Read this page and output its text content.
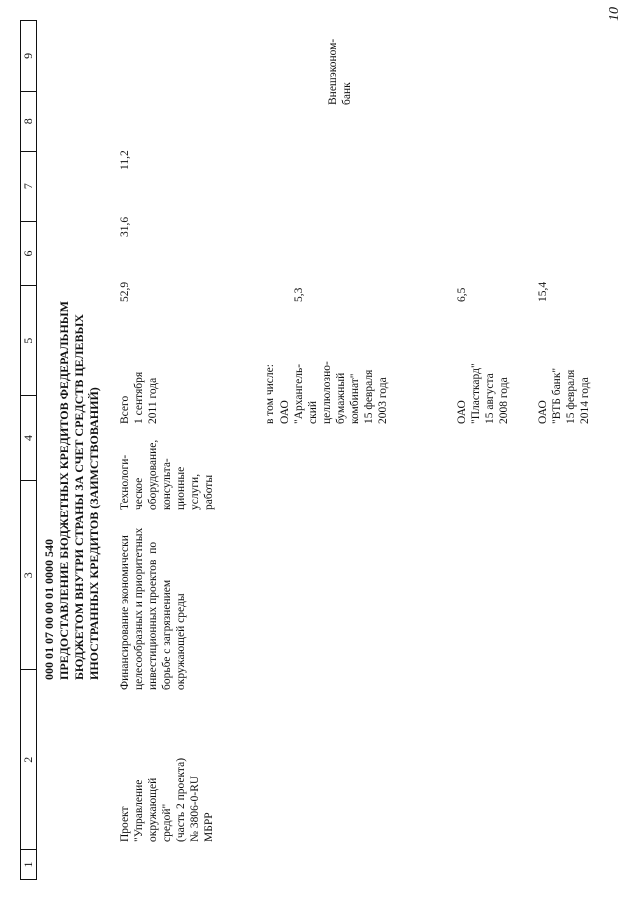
10
1
2
3
4
5
6
7
8
9
000 01 07 00 00 01 0000 540 ПРЕДОСТАВЛЕНИЕ БЮДЖЕТНЫХ КРЕДИТОВ ФЕДЕРАЛЬНЫМ БЮДЖЕТОМ ВНУТРИ СТРАНЫ ЗА СЧЕТ СРЕДСТВ ЦЕЛЕВЫХ ИНОСТРАННЫХ КРЕДИТОВ (ЗАИМСТВОВАНИЙ)
Проект "Управление окружающей средой" (часть 2 проекта) № 3806-0-RU МБРР
Финансирование экономически целесообразных и приоритетных инвестиционных проектов  по борьбе с загрязнением окружающей среды
Технологи- ческое оборудование, консульта- ционные услуги, работы
Всего 1 сентября 2011 года
52,9
31,6
11,2
Внешэконом- банк
в том числе: ОАО "Архангель- ский целлюлозно- бумажный комбинат" 15 февраля 2003 года
5,3
ОАО "Пласткард" 15 августа 2008 года
6,5
ОАО "ВТБ банк" 15 февраля 2014 года
15,4
